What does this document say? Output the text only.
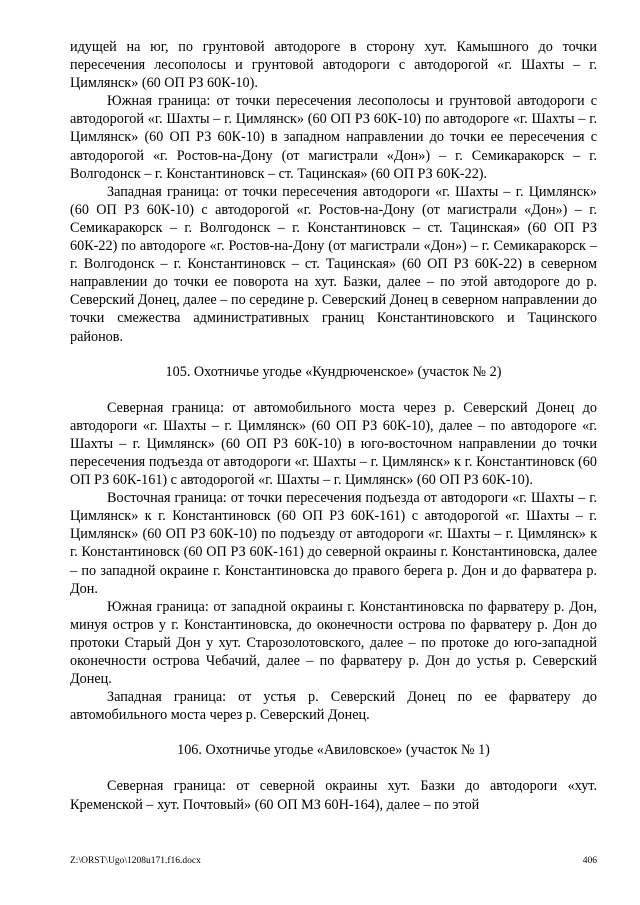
идущей на юг, по грунтовой автодороге в сторону хут. Камышного до точки пересечения лесополосы и грунтовой автодороги с автодорогой «г. Шахты – г. Цимлянск» (60 ОП РЗ 60К-10).

Южная граница: от точки пересечения лесополосы и грунтовой автодороги с автодорогой «г. Шахты – г. Цимлянск» (60 ОП РЗ 60К-10) по автодороге «г. Шахты – г. Цимлянск» (60 ОП РЗ 60К-10) в западном направлении до точки ее пересечения с автодорогой «г. Ростов-на-Дону (от магистрали «Дон») – г. Семикаракорск – г. Волгодонск – г. Константиновск – ст. Тацинская» (60 ОП РЗ 60К-22).

Западная граница: от точки пересечения автодороги «г. Шахты – г. Цимлянск» (60 ОП РЗ 60К-10) с автодорогой «г. Ростов-на-Дону (от магистрали «Дон») – г. Семикаракорск – г. Волгодонск – г. Константиновск – ст. Тацинская» (60 ОП РЗ 60К-22) по автодороге «г. Ростов-на-Дону (от магистрали «Дон») – г. Семикаракорск – г. Волгодонск – г. Константиновск – ст. Тацинская» (60 ОП РЗ 60К-22) в северном направлении до точки ее поворота на хут. Базки, далее – по этой автодороге до р. Северский Донец, далее – по середине р. Северский Донец в северном направлении до точки смежества административных границ Константиновского и Тацинского районов.

105. Охотничье угодье «Кундрюченское» (участок № 2)

Северная граница: от автомобильного моста через р. Северский Донец до автодороги «г. Шахты – г. Цимлянск» (60 ОП РЗ 60К-10), далее – по автодороге «г. Шахты – г. Цимлянск» (60 ОП РЗ 60К-10) в юго-восточном направлении до точки пересечения подъезда от автодороги «г. Шахты – г. Цимлянск» к г. Константиновск (60 ОП РЗ 60К-161) с автодорогой «г. Шахты – г. Цимлянск» (60 ОП РЗ 60К-10).

Восточная граница: от точки пересечения подъезда от автодороги «г. Шахты – г. Цимлянск» к г. Константиновск (60 ОП РЗ 60К-161) с автодорогой «г. Шахты – г. Цимлянск» (60 ОП РЗ 60К-10) по подъезду от автодороги «г. Шахты – г. Цимлянск» к г. Константиновск (60 ОП РЗ 60К-161) до северной окраины г. Константиновска, далее – по западной окраине г. Константиновска до правого берега р. Дон и до фарватера р. Дон.

Южная граница: от западной окраины г. Константиновска по фарватеру р. Дон, минуя остров у г. Константиновска, до оконечности острова по фарватеру р. Дон до протоки Старый Дон у хут. Старозолотовского, далее – по протоке до юго-западной оконечности острова Чебачий, далее – по фарватеру р. Дон до устья р. Северский Донец.

Западная граница: от устья р. Северский Донец по ее фарватеру до автомобильного моста через р. Северский Донец.

106. Охотничье угодье «Авиловское» (участок № 1)

Северная граница: от северной окраины хут. Базки до автодороги «хут. Кременской – хут. Почтовый» (60 ОП МЗ 60Н-164), далее – по этой

Z:\ORST\Ugo\1208u171.f16.docx	406
